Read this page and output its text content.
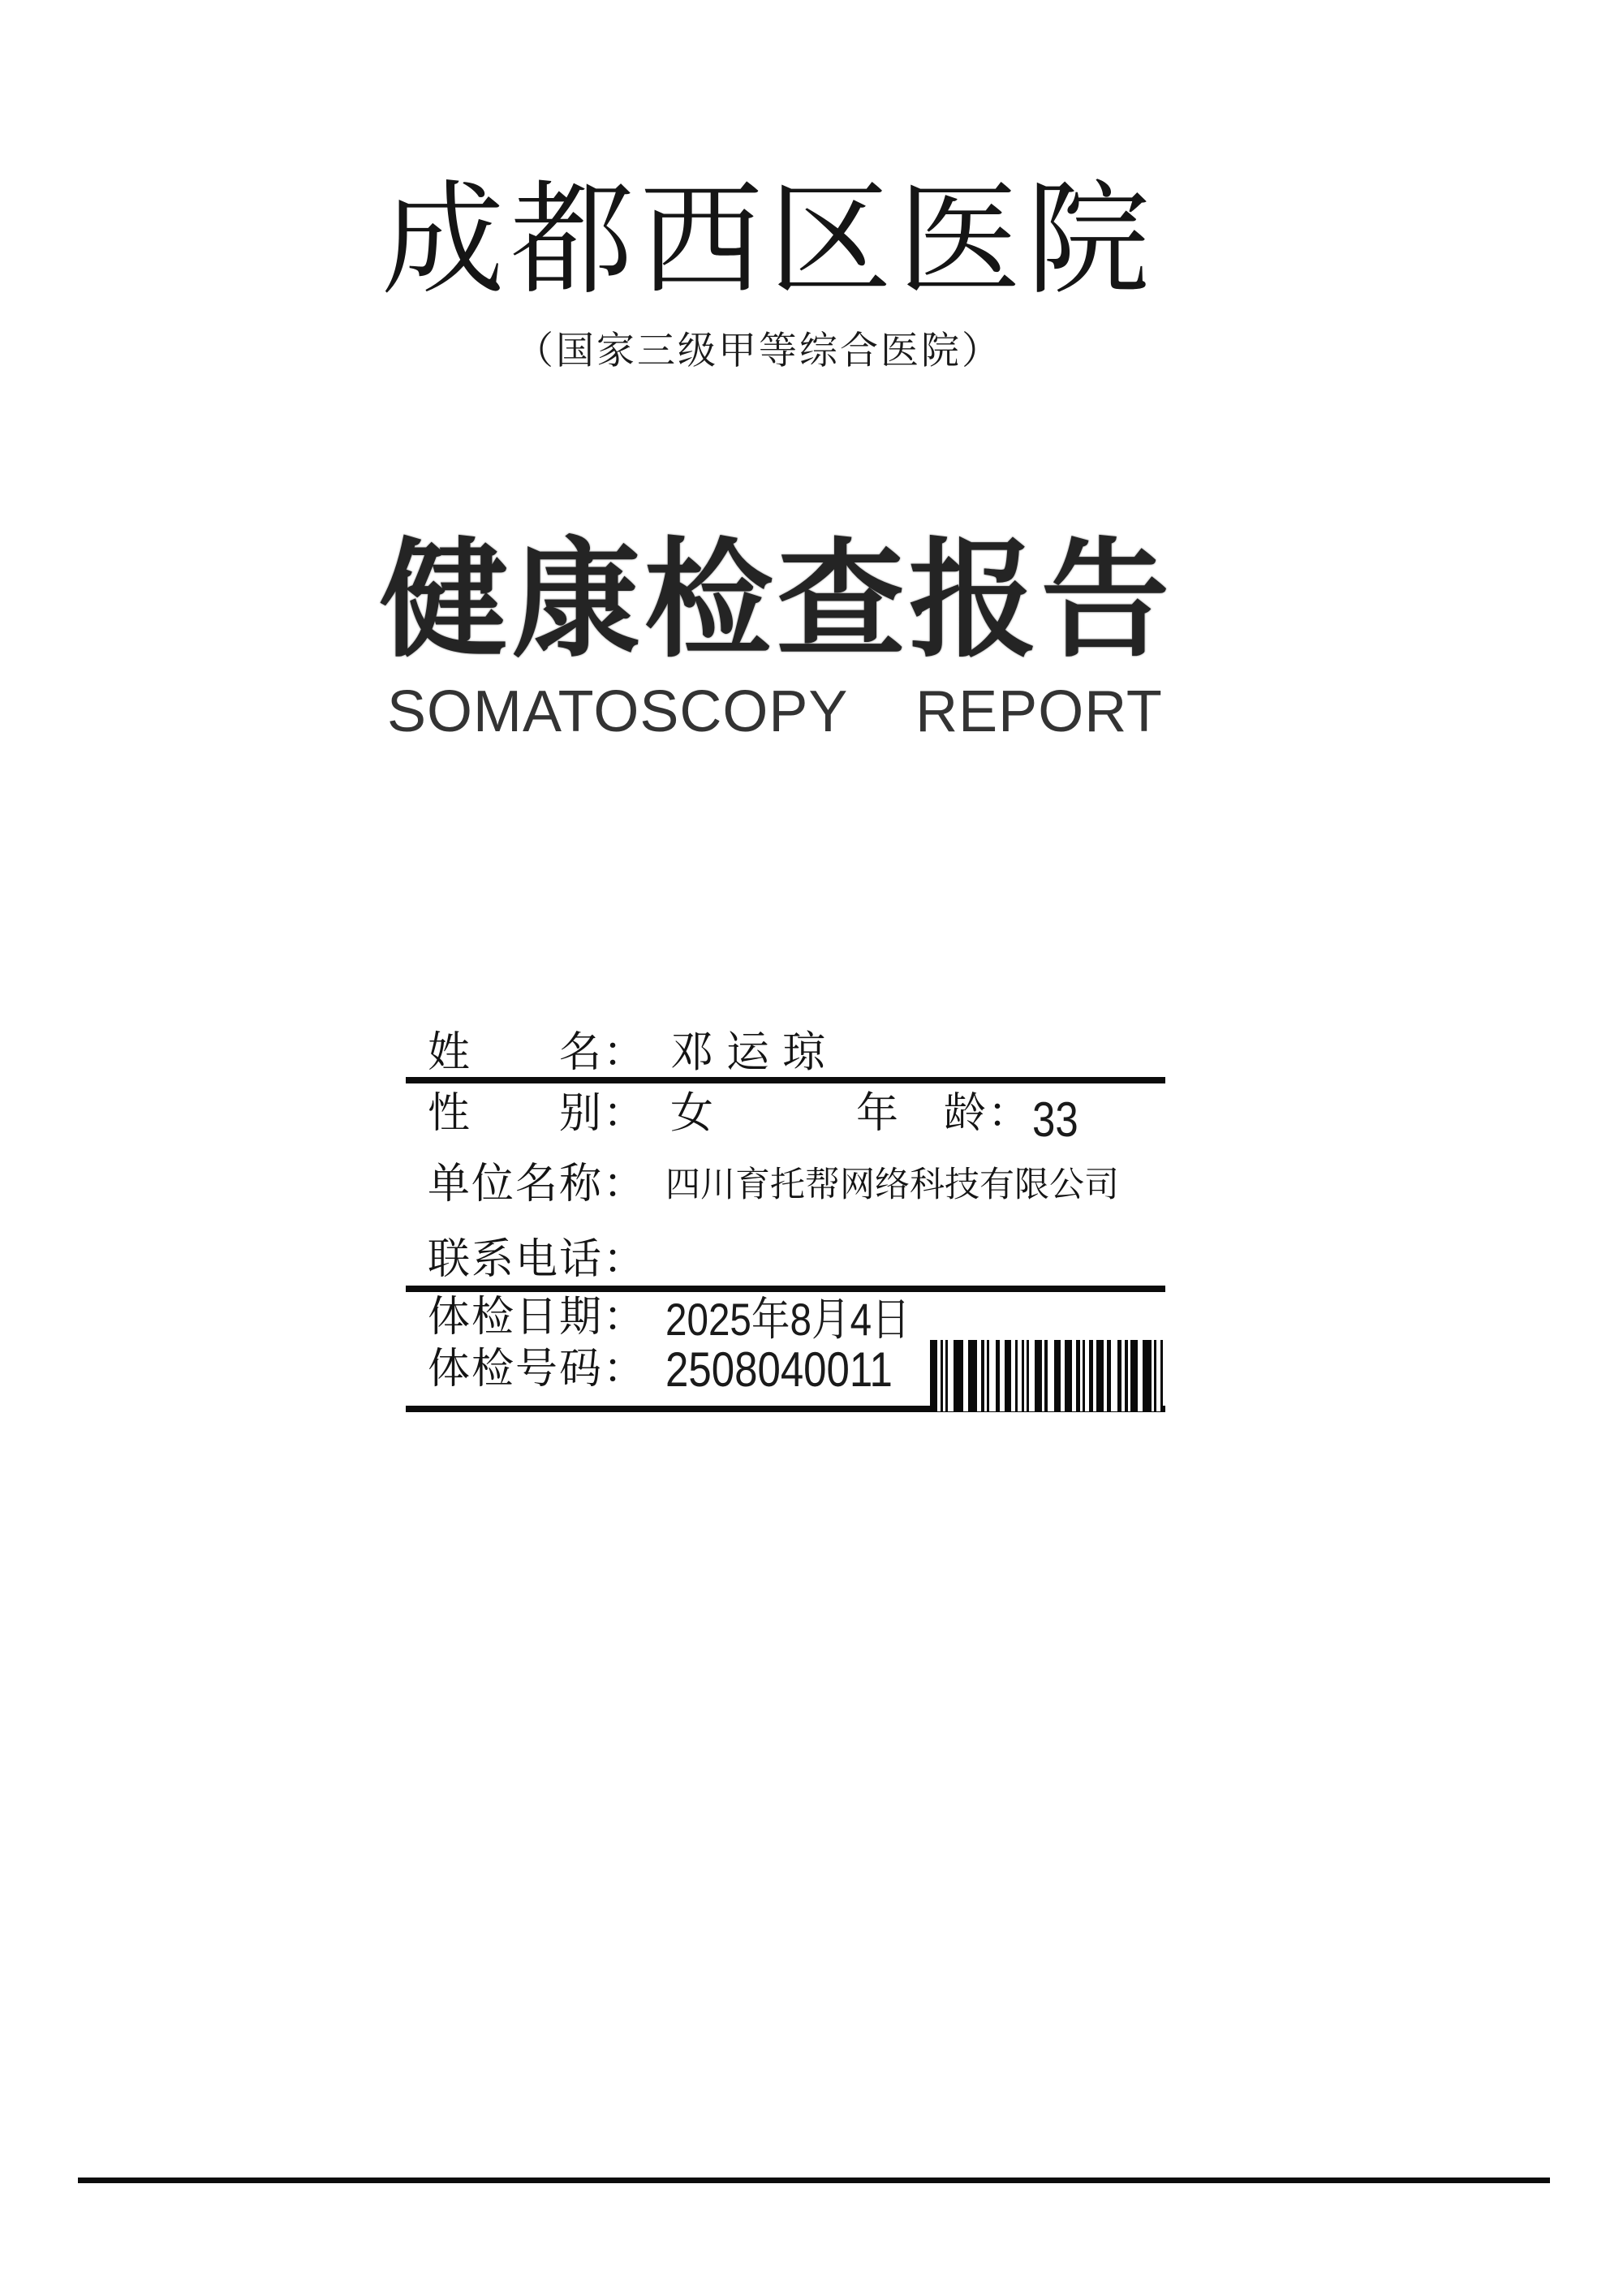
成都西区医院
（国家三级甲等综合医院）
健康检查报告
SOMATOSCOPY    REPORT
姓　　名： 邓运琼
性　　别： 女	年　龄： 33
单位名称： 四川育托帮网络科技有限公司
联系电话：
体检日期： 2025年8月4日
体检号码： 2508040011
